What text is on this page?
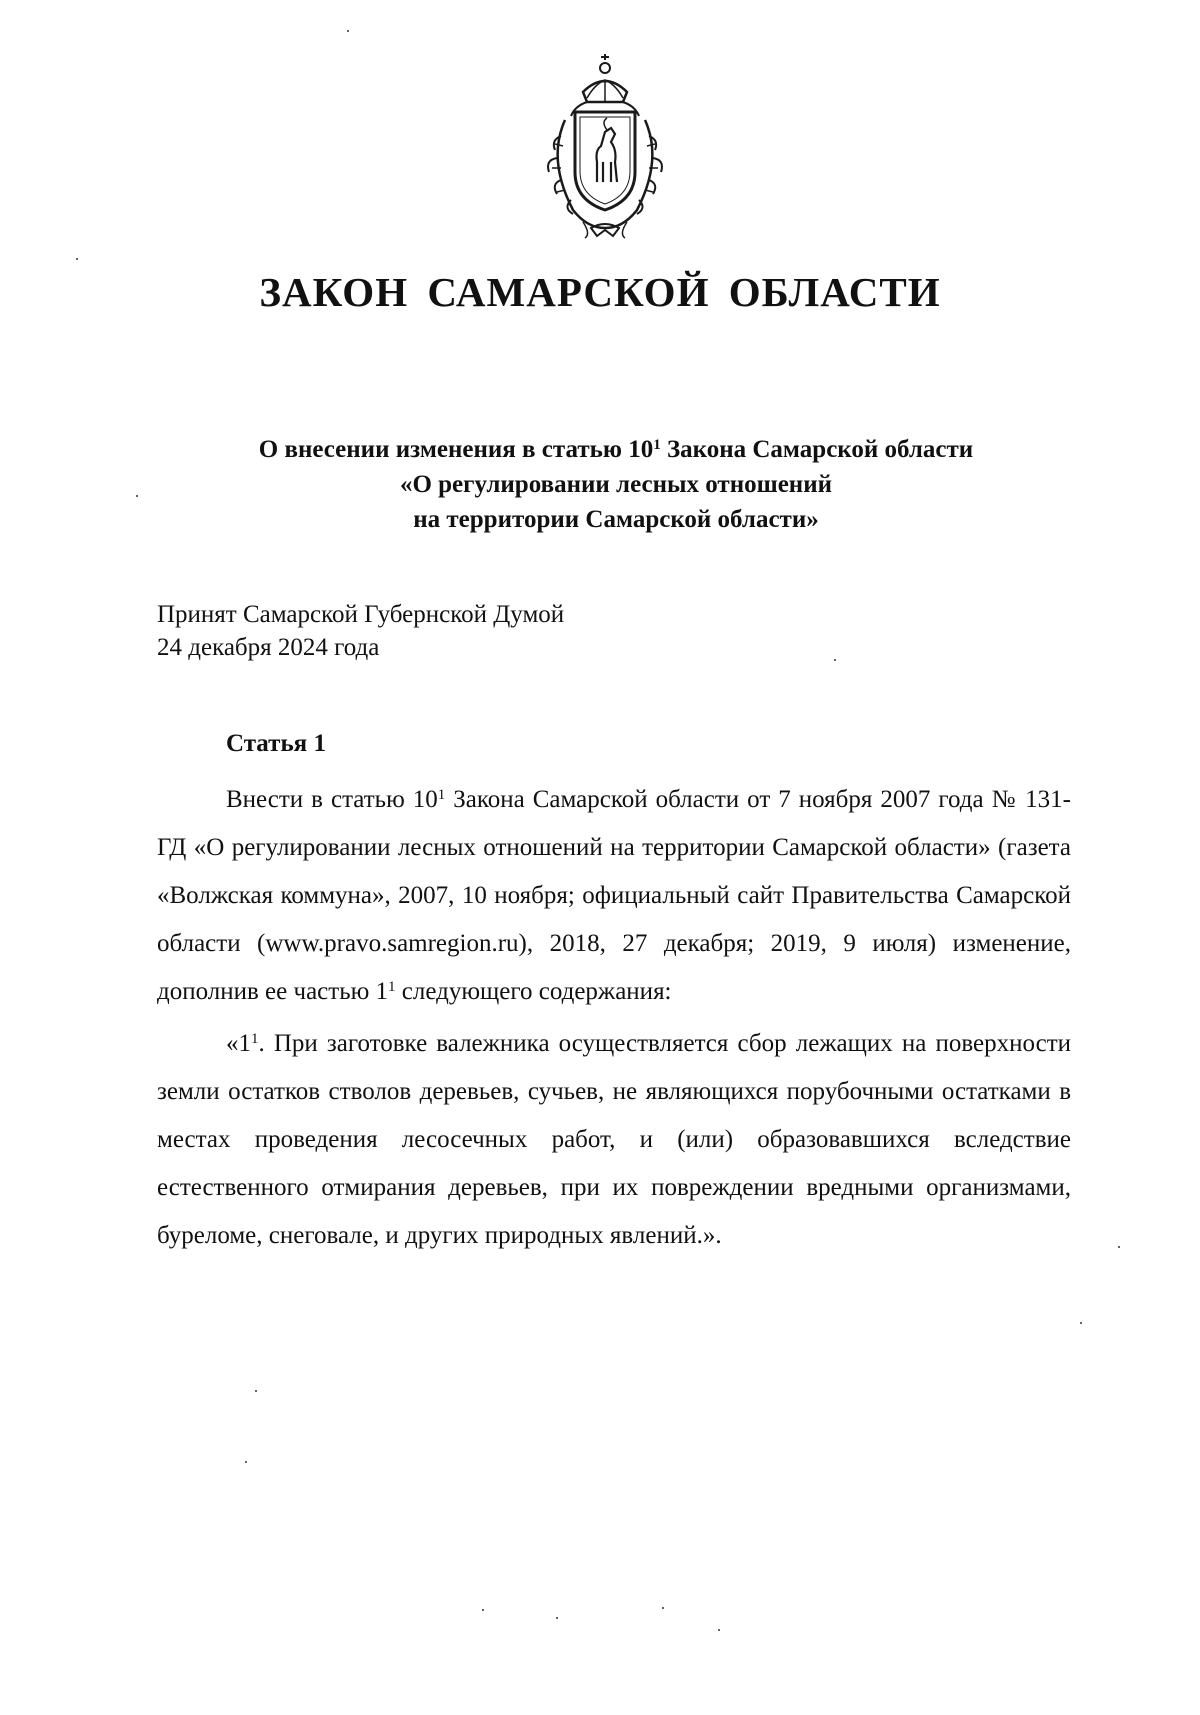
ЗАКОН САМАРСКОЙ ОБЛАСТИ
О внесении изменения в статью $10^1$ Закона Самарской области
«О регулировании лесных отношений
на территории Самарской области»
Принят Самарской Губернской Думой
24 декабря 2024 года
Статья 1

Внести в статью $10^1$ Закона Самарской области от 7 ноября 2007 года № 131-ГД «О регулировании лесных отношений на территории Самарской области» (газета «Волжская коммуна», 2007, 10 ноября; официальный сайт Правительства Самарской области (www.pravo.samregion.ru), 2018, 27 декабря; 2019, 9 июля) изменение, дополнив ее частью $1^1$ следующего содержания:

«$1^1$. При заготовке валежника осуществляется сбор лежащих на поверхности земли остатков стволов деревьев, сучьев, не являющихся порубочными остатками в местах проведения лесосечных работ, и (или) образовавшихся вследствие естественного отмирания деревьев, при их повреждении вредными организмами, буреломе, снеговале, и других природных явлений.».
